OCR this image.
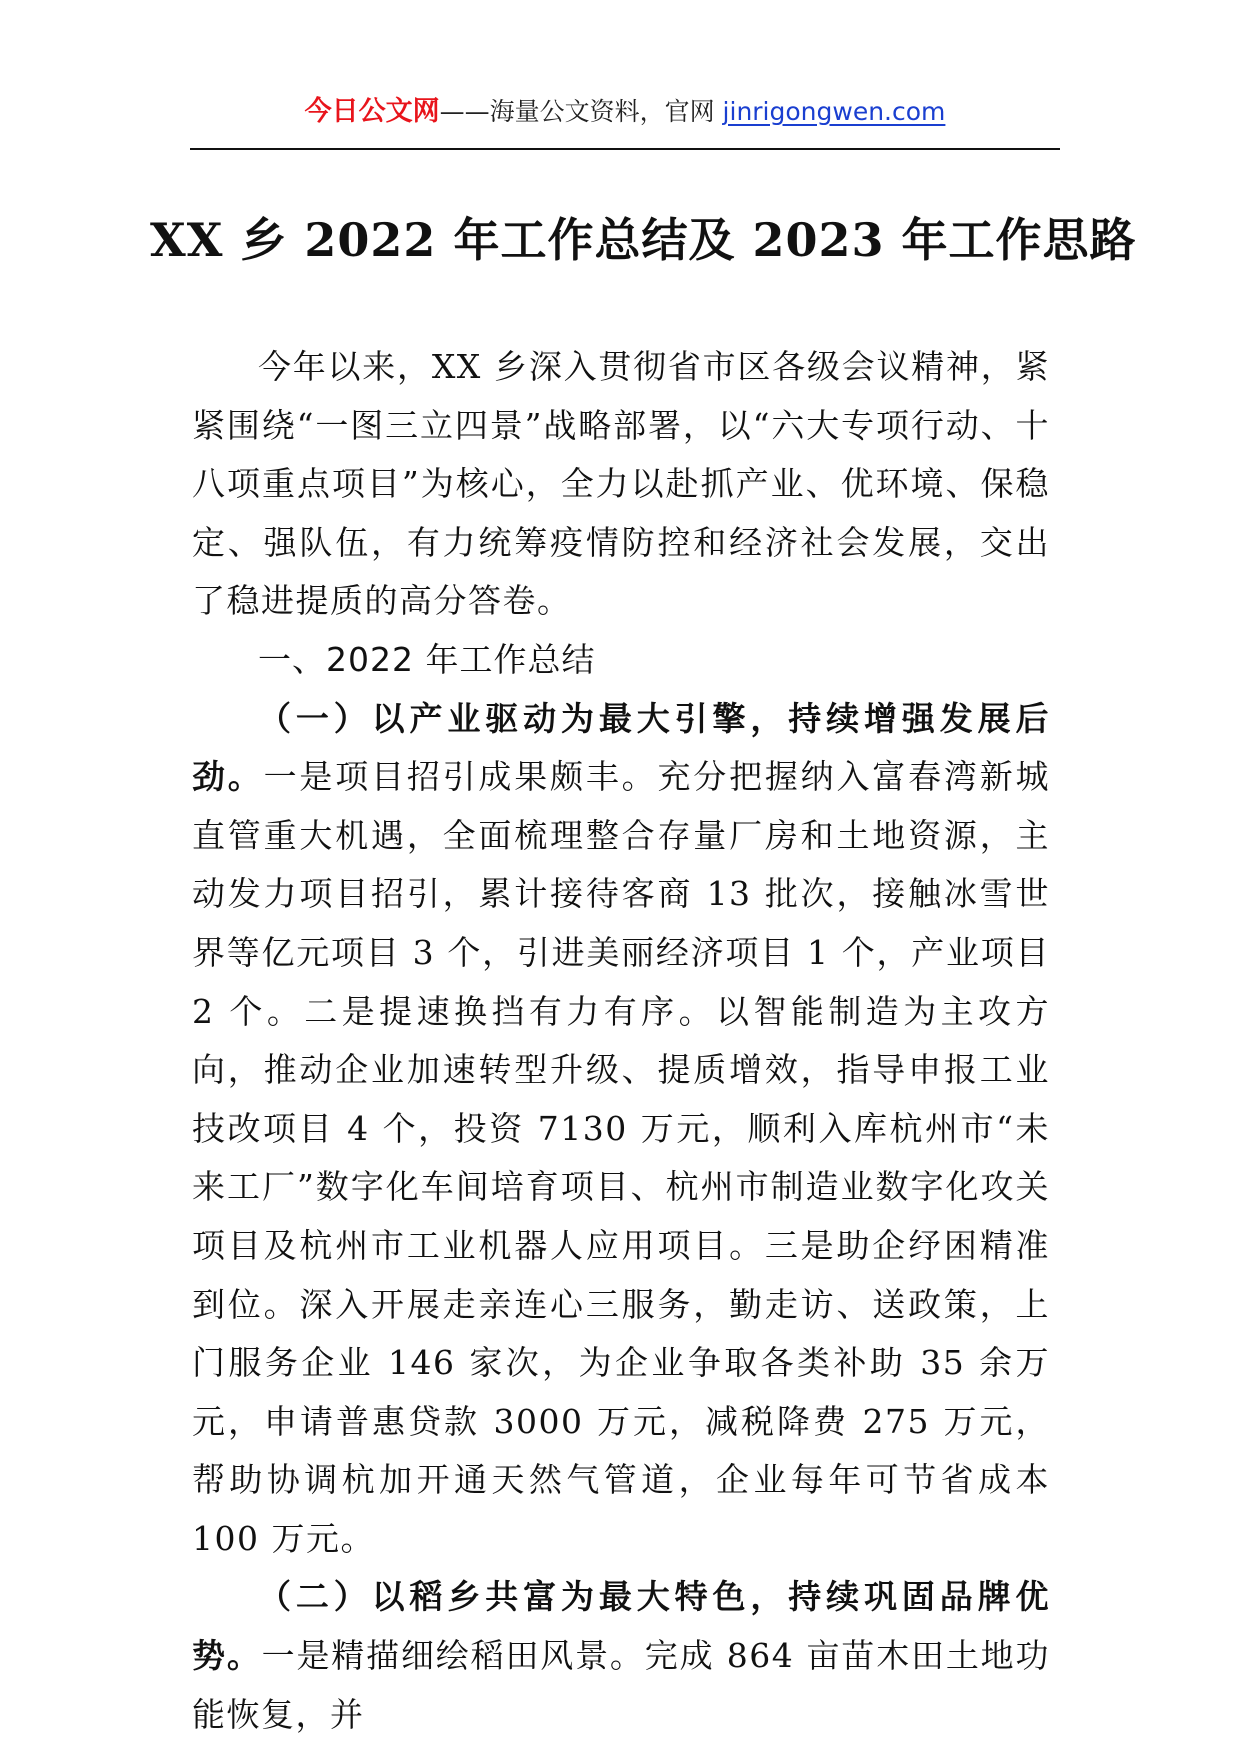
今日公文网——海量公文资料，官网 jinrigongwen.com
XX 乡 2022 年工作总结及 2023 年工作思路

今年以来，XX 乡深入贯彻省市区各级会议精神，紧紧围绕“一图三立四景”战略部署，以“六大专项行动、十八项重点项目”为核心，全力以赴抓产业、优环境、保稳定、强队伍，有力统筹疫情防控和经济社会发展，交出了稳进提质的高分答卷。

一、2022 年工作总结

（一）以产业驱动为最大引擎，持续增强发展后劲。一是项目招引成果颇丰。充分把握纳入富春湾新城直管重大机遇，全面梳理整合存量厂房和土地资源，主动发力项目招引，累计接待客商 13 批次，接触冰雪世界等亿元项目 3 个，引进美丽经济项目 1 个，产业项目 2 个。二是提速换挡有力有序。以智能制造为主攻方向，推动企业加速转型升级、提质增效，指导申报工业技改项目 4 个，投资 7130 万元，顺利入库杭州市“未来工厂”数字化车间培育项目、杭州市制造业数字化攻关项目及杭州市工业机器人应用项目。三是助企纾困精准到位。深入开展走亲连心三服务，勤走访、送政策，上门服务企业 146 家次，为企业争取各类补助 35 余万元，申请普惠贷款 3000 万元，减税降费 275 万元，帮助协调杭加开通天然气管道，企业每年可节省成本 100 万元。

（二）以稻乡共富为最大特色，持续巩固品牌优势。一是精描细绘稻田风景。完成 864 亩苗木田土地功能恢复，并
